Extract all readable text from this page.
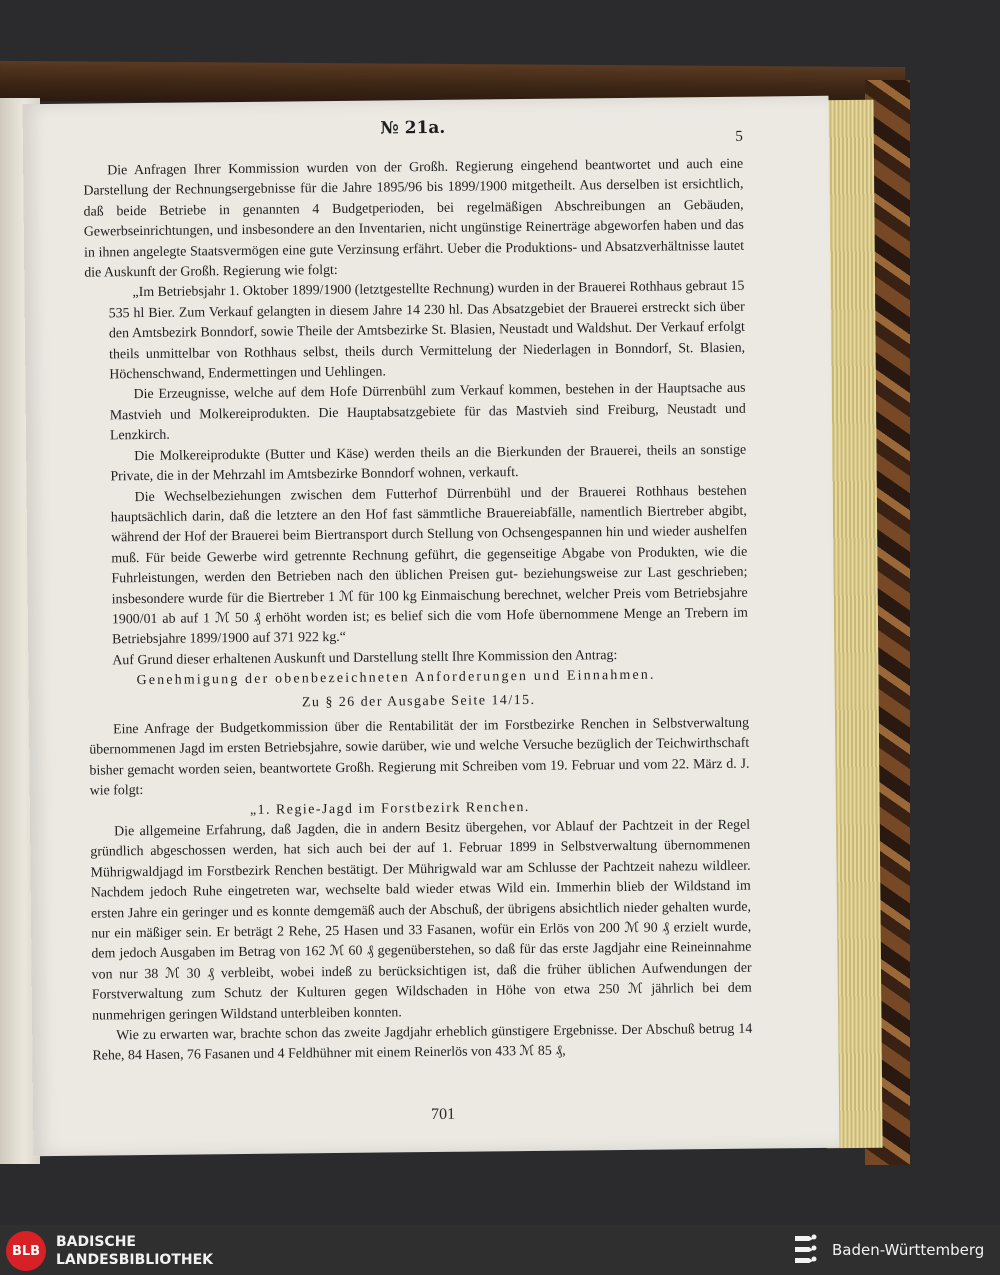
№ 21a.	5

Die Anfragen Ihrer Kommission wurden von der Großh. Regierung eingehend beantwortet und auch eine Darstellung der Rechnungsergebnisse für die Jahre 1895/96 bis 1899/1900 mitgetheilt. Aus derselben ist ersichtlich, daß beide Betriebe in genannten 4 Budgetperioden, bei regelmäßigen Abschreibungen an Gebäuden, Gewerbseinrichtungen, und insbesondere an den Inventarien, nicht ungünstige Reinerträge abgeworfen haben und das in ihnen angelegte Staatsvermögen eine gute Verzinsung erfährt. Ueber die Produktions- und Absatzverhältnisse lautet die Auskunft der Großh. Regierung wie folgt:

„Im Betriebsjahr 1. Oktober 1899/1900 (letztgestellte Rechnung) wurden in der Brauerei Rothhaus gebraut 15 535 hl Bier. Zum Verkauf gelangten in diesem Jahre 14 230 hl. Das Absatzgebiet der Brauerei erstreckt sich über den Amtsbezirk Bonndorf, sowie Theile der Amtsbezirke St. Blasien, Neustadt und Waldshut. Der Verkauf erfolgt theils unmittelbar von Rothhaus selbst, theils durch Vermittelung der Niederlagen in Bonndorf, St. Blasien, Höchenschwand, Endermettingen und Uehlingen.

Die Erzeugnisse, welche auf dem Hofe Dürrenbühl zum Verkauf kommen, bestehen in der Hauptsache aus Mastvieh und Molkereiprodukten. Die Hauptabsatzgebiete für das Mastvieh sind Freiburg, Neustadt und Lenzkirch.

Die Molkereiprodukte (Butter und Käse) werden theils an die Bierkunden der Brauerei, theils an sonstige Private, die in der Mehrzahl im Amtsbezirke Bonndorf wohnen, verkauft.

Die Wechselbeziehungen zwischen dem Futterhof Dürrenbühl und der Brauerei Rothhaus bestehen hauptsächlich darin, daß die letztere an den Hof fast sämmtliche Brauereiabfälle, namentlich Biertreber abgibt, während der Hof der Brauerei beim Biertransport durch Stellung von Ochsengespannen hin und wieder aushelfen muß. Für beide Gewerbe wird getrennte Rechnung geführt, die gegenseitige Abgabe von Produkten, wie die Fuhrleistungen, werden den Betrieben nach den üblichen Preisen gut- beziehungsweise zur Last geschrieben; insbesondere wurde für die Biertreber 1 ℳ für 100 kg Einmaischung berechnet, welcher Preis vom Betriebsjahre 1900/01 ab auf 1 ℳ 50 ₰ erhöht worden ist; es belief sich die vom Hofe übernommene Menge an Trebern im Betriebsjahre 1899/1900 auf 371 922 kg.“

Auf Grund dieser erhaltenen Auskunft und Darstellung stellt Ihre Kommission den Antrag:

Genehmigung der obenbezeichneten Anforderungen und Einnahmen.

Zu § 26 der Ausgabe Seite 14/15.

Eine Anfrage der Budgetkommission über die Rentabilität der im Forstbezirke Renchen in Selbstverwaltung übernommenen Jagd im ersten Betriebsjahre, sowie darüber, wie und welche Versuche bezüglich der Teichwirthschaft bisher gemacht worden seien, beantwortete Großh. Regierung mit Schreiben vom 19. Februar und vom 22. März d. J. wie folgt:

„1. Regie-Jagd im Forstbezirk Renchen.

Die allgemeine Erfahrung, daß Jagden, die in andern Besitz übergehen, vor Ablauf der Pachtzeit in der Regel gründlich abgeschossen werden, hat sich auch bei der auf 1. Februar 1899 in Selbstverwaltung übernommenen Mührigwaldjagd im Forstbezirk Renchen bestätigt. Der Mührigwald war am Schlusse der Pachtzeit nahezu wildleer. Nachdem jedoch Ruhe eingetreten war, wechselte bald wieder etwas Wild ein. Immerhin blieb der Wildstand im ersten Jahre ein geringer und es konnte demgemäß auch der Abschuß, der übrigens absichtlich nieder gehalten wurde, nur ein mäßiger sein. Er beträgt 2 Rehe, 25 Hasen und 33 Fasanen, wofür ein Erlös von 200 ℳ 90 ₰ erzielt wurde, dem jedoch Ausgaben im Betrag von 162 ℳ 60 ₰ gegenüberstehen, so daß für das erste Jagdjahr eine Reineinnahme von nur 38 ℳ 30 ₰ verbleibt, wobei indeß zu berücksichtigen ist, daß die früher üblichen Aufwendungen der Forstverwaltung zum Schutz der Kulturen gegen Wildschaden in Höhe von etwa 250 ℳ jährlich bei dem nunmehrigen geringen Wildstand unterbleiben konnten.

Wie zu erwarten war, brachte schon das zweite Jagdjahr erheblich günstigere Ergebnisse. Der Abschuß betrug 14 Rehe, 84 Hasen, 76 Fasanen und 4 Feldhühner mit einem Reinerlös von 433 ℳ 85 ₰,

701
BLB
BADISCHE
LANDESBIBLIOTHEK
Baden-Württemberg
